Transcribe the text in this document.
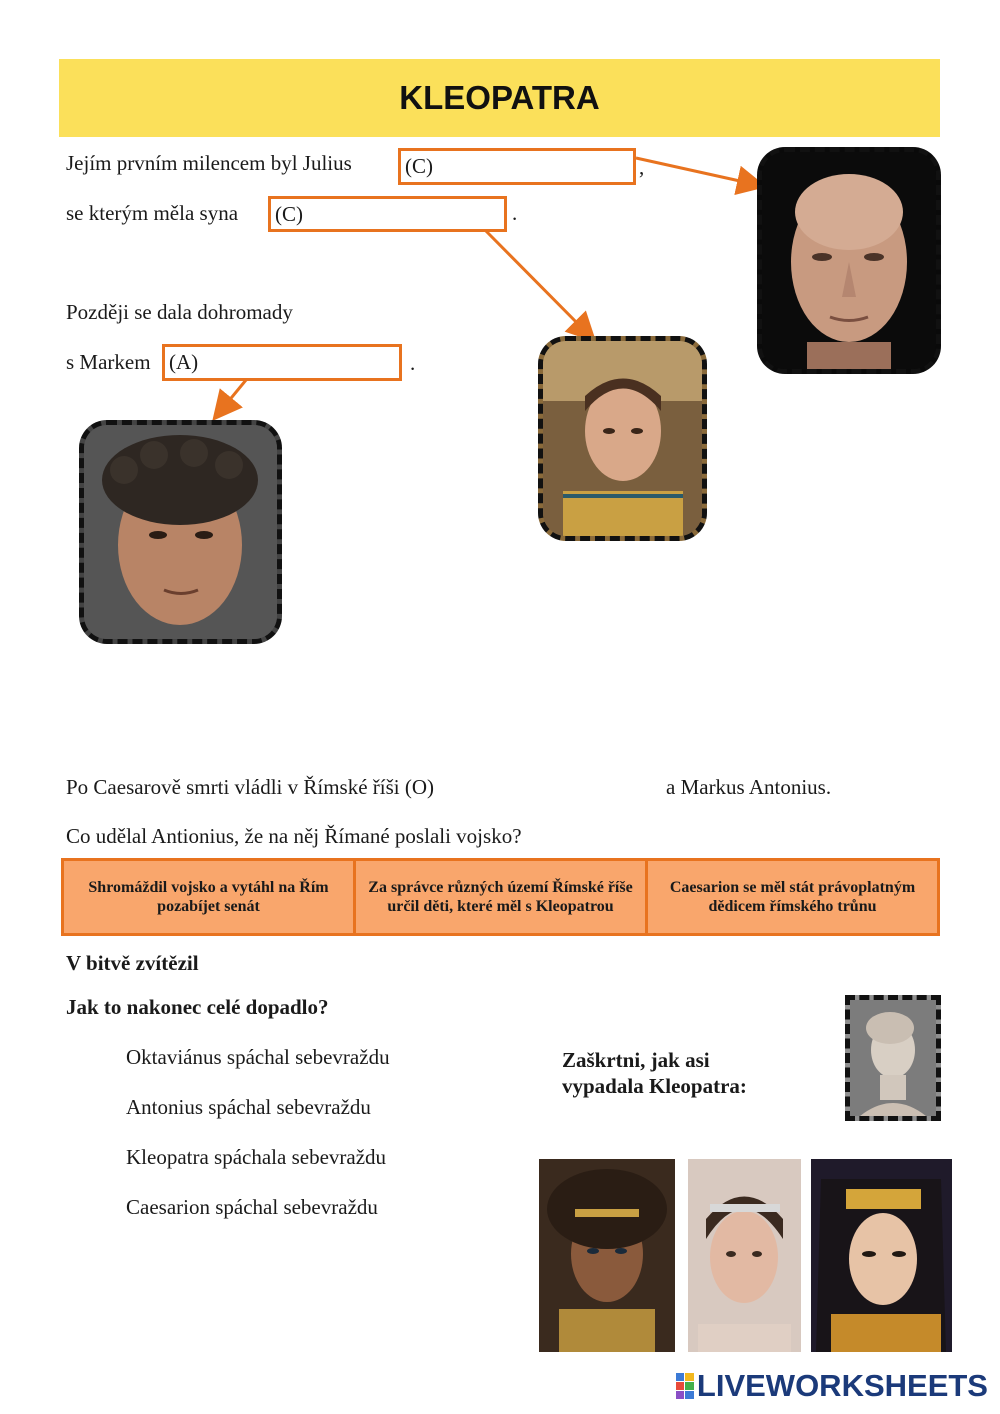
KLEOPATRA
Jejím prvním milencem byl Julius	(C)	,
se kterým měla syna (C)	.
Později se dala dohromady
s Markem (A)	.
Po Caesarově smrti vládli v Římské říši (O)	a Markus Antonius.
Co udělal Antionius, že na něj Římané poslali vojsko?
Shromáždil vojsko a vytáhl na Řím pozabíjet senát
Za správce různých území Římské říše určil děti, které měl s Kleopatrou
Caesarion se měl stát právoplatným dědicem římského trůnu
V bitvě zvítězil
Jak to nakonec celé dopadlo?
Oktaviánus spáchal sebevraždu
Antonius spáchal sebevraždu
Kleopatra spáchala sebevraždu
Caesarion spáchal sebevraždu
Zaškrtni, jak asi
vypadala Kleopatra:
LIVEWORKSHEETS
